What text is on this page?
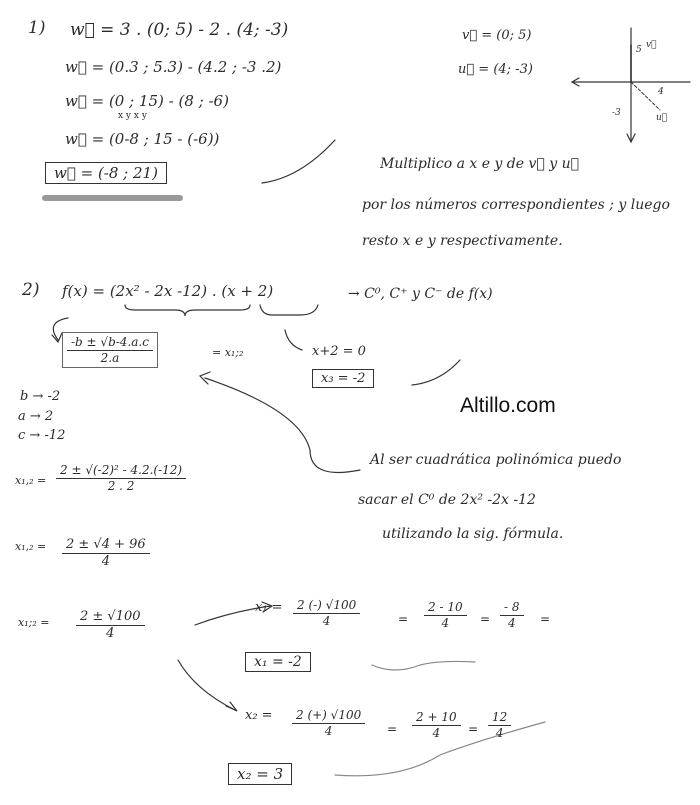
1) w⃗ = 3 . (0; 5) - 2 . (4; -3)
w⃗ = (0.3 ; 5.3) - (4.2 ; -3 .2)
w⃗ = (0 ; 15) - (8 ; -6)
x y x y
w⃗ = (0-8 ; 15 - (-6))
w⃗ = (-8 ; 21)
v⃗ = (0; 5)
u⃗ = (4; -3)
5 v⃗
4
-3	u⃗
Multiplico a x e y de v⃗ y u⃗
por los números correspondientes ; y luego
resto x e y respectivamente.
2) f(x) = (2x² - 2x -12) . (x + 2)	→ C⁰, C⁺ y C⁻ de f(x)
$\frac{-b \pm √b-4.a.c}{2.a}$	= x₁;₂	x+2 = 0
x₃ = -2
Altillo.com
b → -2
a → 2
c → -12
Al ser cuadrática polinómica puedo
sacar el C⁰ de 2x² -2x -12
utilizando la sig. fórmula.
$x_1,_2 = \frac{\text{2 ± √(-2)² - 4.2.(-12)}}{2 . 2}$
$x_1,_2 = \frac{2 \pm √4 + 96}{4}$
x₁;₂ = $\frac{2 \pm √100}{4}$
$x_1 = \frac{2 (-) √100}{4}$	= $\frac{2 - 10}{4} = \frac{- 8}{4}$ =
x₁ = -2
$x_2 = \frac{2 (+) √100}{4} = \frac{2 + 10}{4} = \frac{12}{4}$
x₂ = 3
